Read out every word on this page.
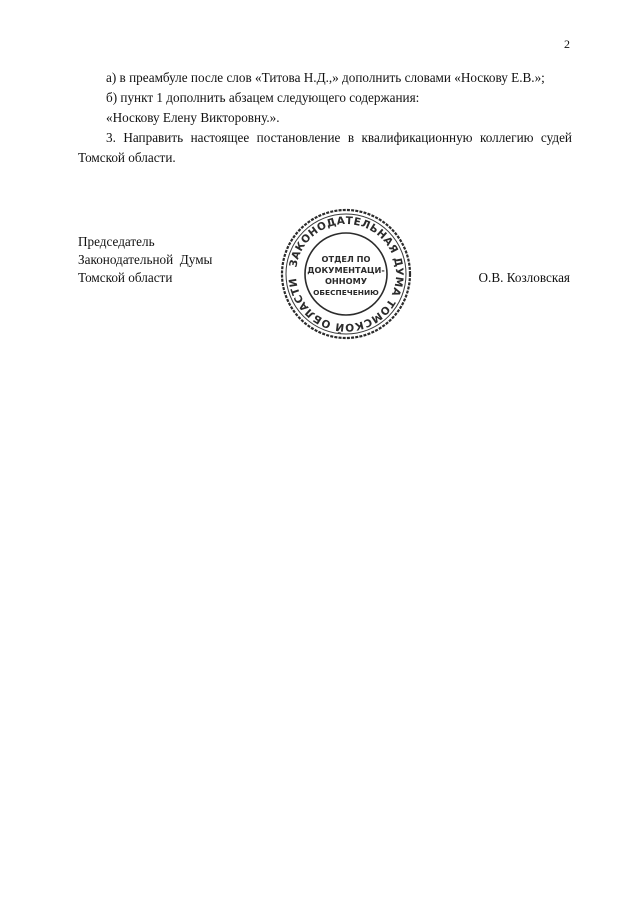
2

а) в преамбуле после слов «Титова Н.Д.,» дополнить словами «Носкову Е.В.»;

б) пункт 1 дополнить абзацем следующего содержания:

«Носкову Елену Викторовну.».

3. Направить настоящее постановление в квалификационную коллегию судей Томской области.

Председатель
Законодательной  Думы
Томской области	О.В. Козловская
ЗАКОНОДАТЕЛЬНАЯ ДУМА ТОМСКОЙ ОБЛАСТИ
ОТДЕЛ ПО
ДОКУМЕНТАЦИ-
ОННОМУ
ОБЕСПЕЧЕНИЮ
